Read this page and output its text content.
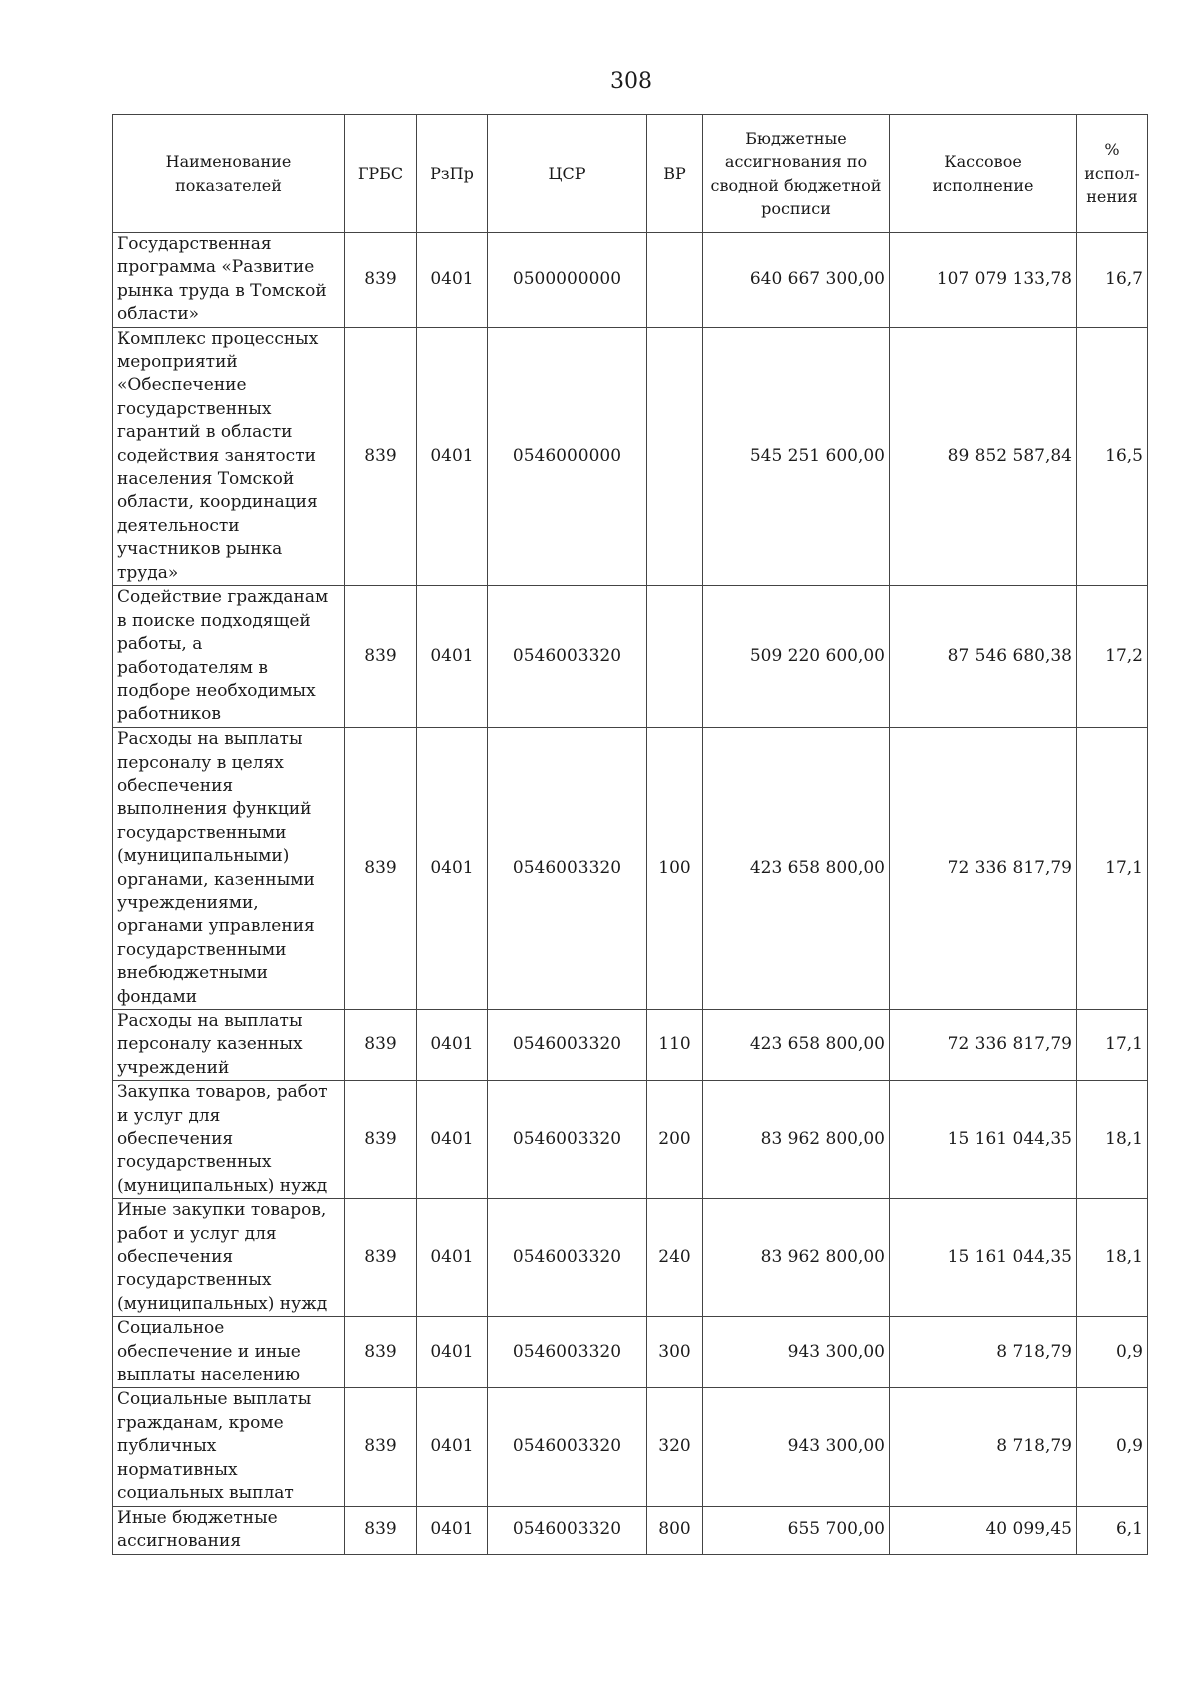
308
Наименование показателей	ГРБС	РзПр	ЦСР	ВР	Бюджетные ассигнования по сводной бюджетной росписи	Кассовое исполнение	% испол-нения
Государственная программа «Развитие рынка труда в Томской области»	839	0401	0500000000		640 667 300,00	107 079 133,78	16,7
Комплекс процессных мероприятий «Обеспечение государственных гарантий в области содействия занятости населения Томской области, координация деятельности участников рынка труда»	839	0401	0546000000		545 251 600,00	89 852 587,84	16,5
Содействие гражданам в поиске подходящей работы, а работодателям в подборе необходимых работников	839	0401	0546003320		509 220 600,00	87 546 680,38	17,2
Расходы на выплаты персоналу в целях обеспечения выполнения функций государственными (муниципальными) органами, казенными учреждениями, органами управления государственными внебюджетными фондами	839	0401	0546003320	100	423 658 800,00	72 336 817,79	17,1
Расходы на выплаты персоналу казенных учреждений	839	0401	0546003320	110	423 658 800,00	72 336 817,79	17,1
Закупка товаров, работ и услуг для обеспечения государственных (муниципальных) нужд	839	0401	0546003320	200	83 962 800,00	15 161 044,35	18,1
Иные закупки товаров, работ и услуг для обеспечения государственных (муниципальных) нужд	839	0401	0546003320	240	83 962 800,00	15 161 044,35	18,1
Социальное обеспечение и иные выплаты населению	839	0401	0546003320	300	943 300,00	8 718,79	0,9
Социальные выплаты гражданам, кроме публичных нормативных социальных выплат	839	0401	0546003320	320	943 300,00	8 718,79	0,9
Иные бюджетные ассигнования	839	0401	0546003320	800	655 700,00	40 099,45	6,1
